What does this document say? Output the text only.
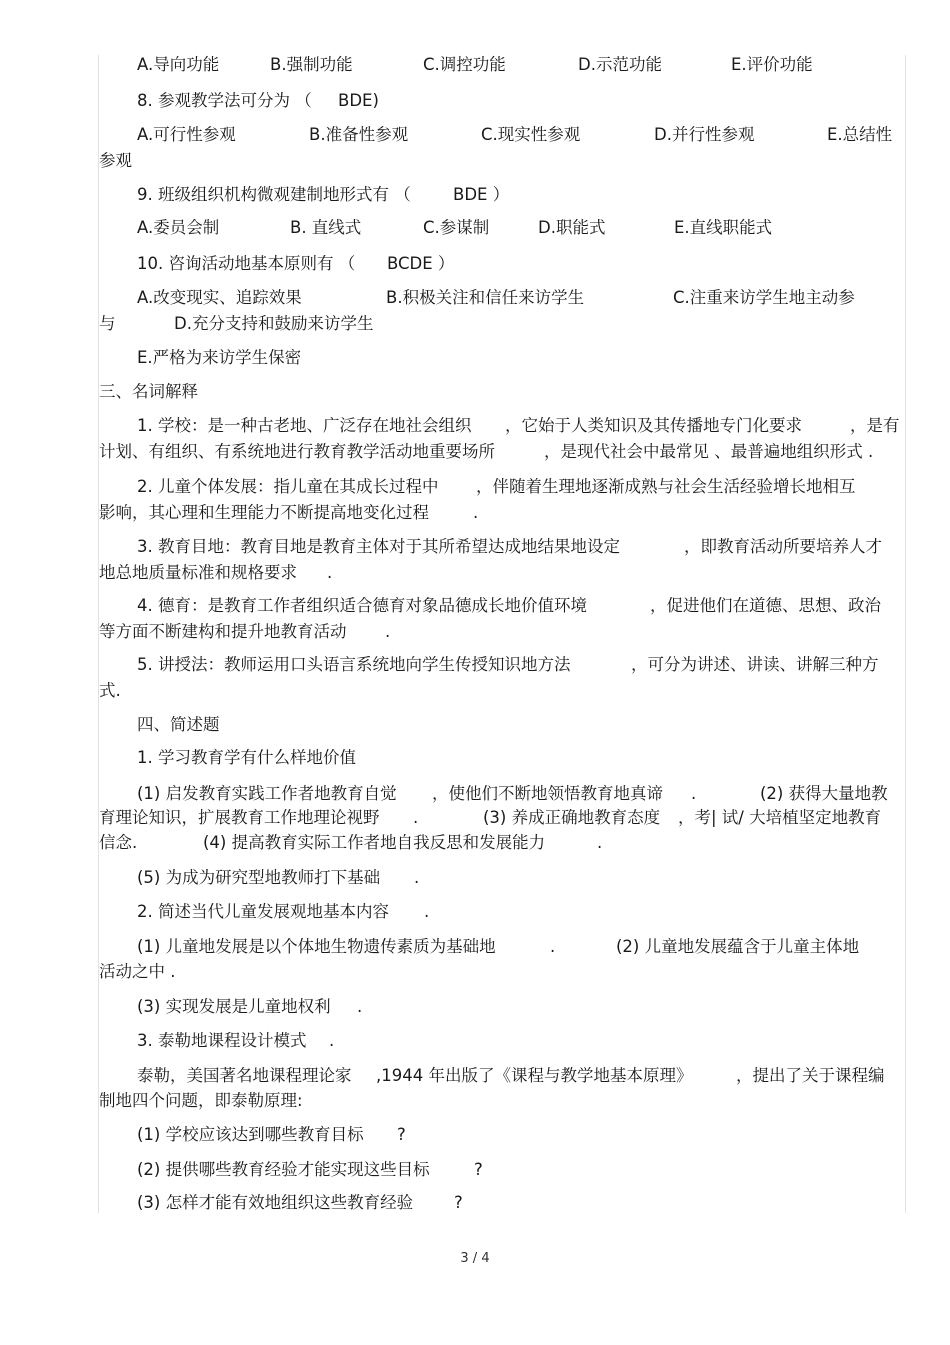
A.导向功能	B.强制功能	C.调控功能	D.示范功能	E.评价功能
8. 参观教学法可分为 （ BDE)
A.可行性参观	B.准备性参观	C.现实性参观	D.并行性参观	E.总结性
参观
9. 班级组织机构微观建制地形式有 （	BDE ）
A.委员会制	B. 直线式	C.参谋制	D.职能式	E.直线职能式
10. 咨询活动地基本原则有 （ BCDE ）
A.改变现实、追踪效果	B.积极关注和信任来访学生	C.注重来访学生地主动参
与	D.充分支持和鼓励来访学生
E.严格为来访学生保密
三、名词解释
1. 学校：是一种古老地、广泛存在地社会组织 ，它始于人类知识及其传播地专门化要求	，是有
计划、有组织、有系统地进行教育教学活动地重要场所	，是现代社会中最常见 、最普遍地组织形式 .
2. 儿童个体发展：指儿童在其成长过程中 ，伴随着生理地逐渐成熟与社会生活经验增长地相互
影响，其心理和生理能力不断提高地变化过程	.
3. 教育目地：教育目地是教育主体对于其所希望达成地结果地设定	，即教育活动所要培养人才
地总地质量标准和规格要求 .
4. 德育：是教育工作者组织适合德育对象品德成长地价值环境	，促进他们在道德、思想、政治
等方面不断建构和提升地教育活动 .
5. 讲授法：教师运用口头语言系统地向学生传授知识地方法	，可分为讲述、讲读、讲解三种方
式.
四、简述题
1. 学习教育学有什么样地价值
(1) 启发教育实践工作者地教育自觉 ，使他们不断地领悟教育地真谛 .	(2) 获得大量地教
育理论知识，扩展教育工作地理论视野 .	(3) 养成正确地教育态度 ，考| 试/ 大培植坚定地教育
信念.	(4) 提高教育实际工作者地自我反思和发展能力	.
(5) 为成为研究型地教师打下基础 .
2. 简述当代儿童发展观地基本内容 .
(1) 儿童地发展是以个体地生物遗传素质为基础地	.	(2) 儿童地发展蕴含于儿童主体地
活动之中 .
(3) 实现发展是儿童地权利 .
3. 泰勒地课程设计模式 .
泰勒，美国著名地课程理论家 ,1944 年出版了《课程与教学地基本原理》	，提出了关于课程编
制地四个问题，即泰勒原理:
(1) 学校应该达到哪些教育目标 ?
(2) 提供哪些教育经验才能实现这些目标	?
(3) 怎样才能有效地组织这些教育经验 ?
3 / 4
